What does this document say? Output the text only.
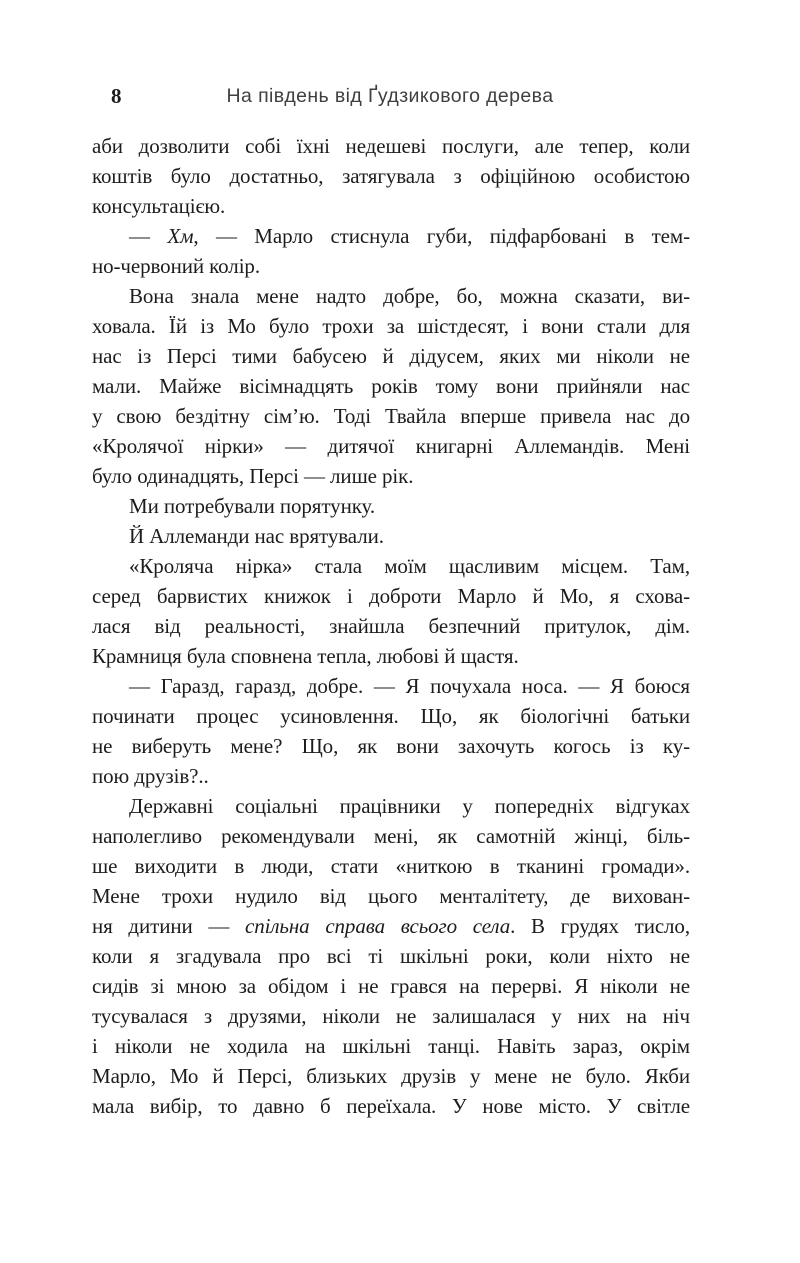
8	На південь від Ґудзикового дерева
аби дозволити собі їхні недешеві послуги, але тепер, коли
коштів було достатньо, затягувала з офіційною особистою
консультацією.
— Хм, — Марло стиснула губи, підфарбовані в тем-
но-червоний колір.
Вона знала мене надто добре, бо, можна сказати, ви-
ховала. Їй із Мо було трохи за шістдесят, і вони стали для
нас із Персі тими бабусею й дідусем, яких ми ніколи не
мали. Майже вісімнадцять років тому вони прийняли нас
у свою бездітну сім’ю. Тоді Твайла вперше привела нас до
«Кролячої нірки» — дитячої книгарні Аллемандів. Мені
було одинадцять, Персі — лише рік.
Ми потребували порятунку.
Й Аллеманди нас врятували.
«Кроляча нірка» стала моїм щасливим місцем. Там,
серед барвистих книжок і доброти Марло й Мо, я схова-
лася від реальності, знайшла безпечний притулок, дім.
Крамниця була сповнена тепла, любові й щастя.
— Гаразд, гаразд, добре. — Я почухала носа. — Я боюся
починати процес усиновлення. Що, як біологічні батьки
не виберуть мене? Що, як вони захочуть когось із ку-
пою друзів?..
Державні соціальні працівники у попередніх відгуках
наполегливо рекомендували мені, як самотній жінці, біль-
ше виходити в люди, стати «ниткою в тканині громади».
Мене трохи нудило від цього менталітету, де вихован-
ня дитини — спільна справа всього села. В грудях тисло,
коли я згадувала про всі ті шкільні роки, коли ніхто не
сидів зі мною за обідом і не грався на перерві. Я ніколи не
тусувалася з друзями, ніколи не залишалася у них на ніч
і ніколи не ходила на шкільні танці. Навіть зараз, окрім
Марло, Мо й Персі, близьких друзів у мене не було. Якби
мала вибір, то давно б переїхала. У нове місто. У світле
